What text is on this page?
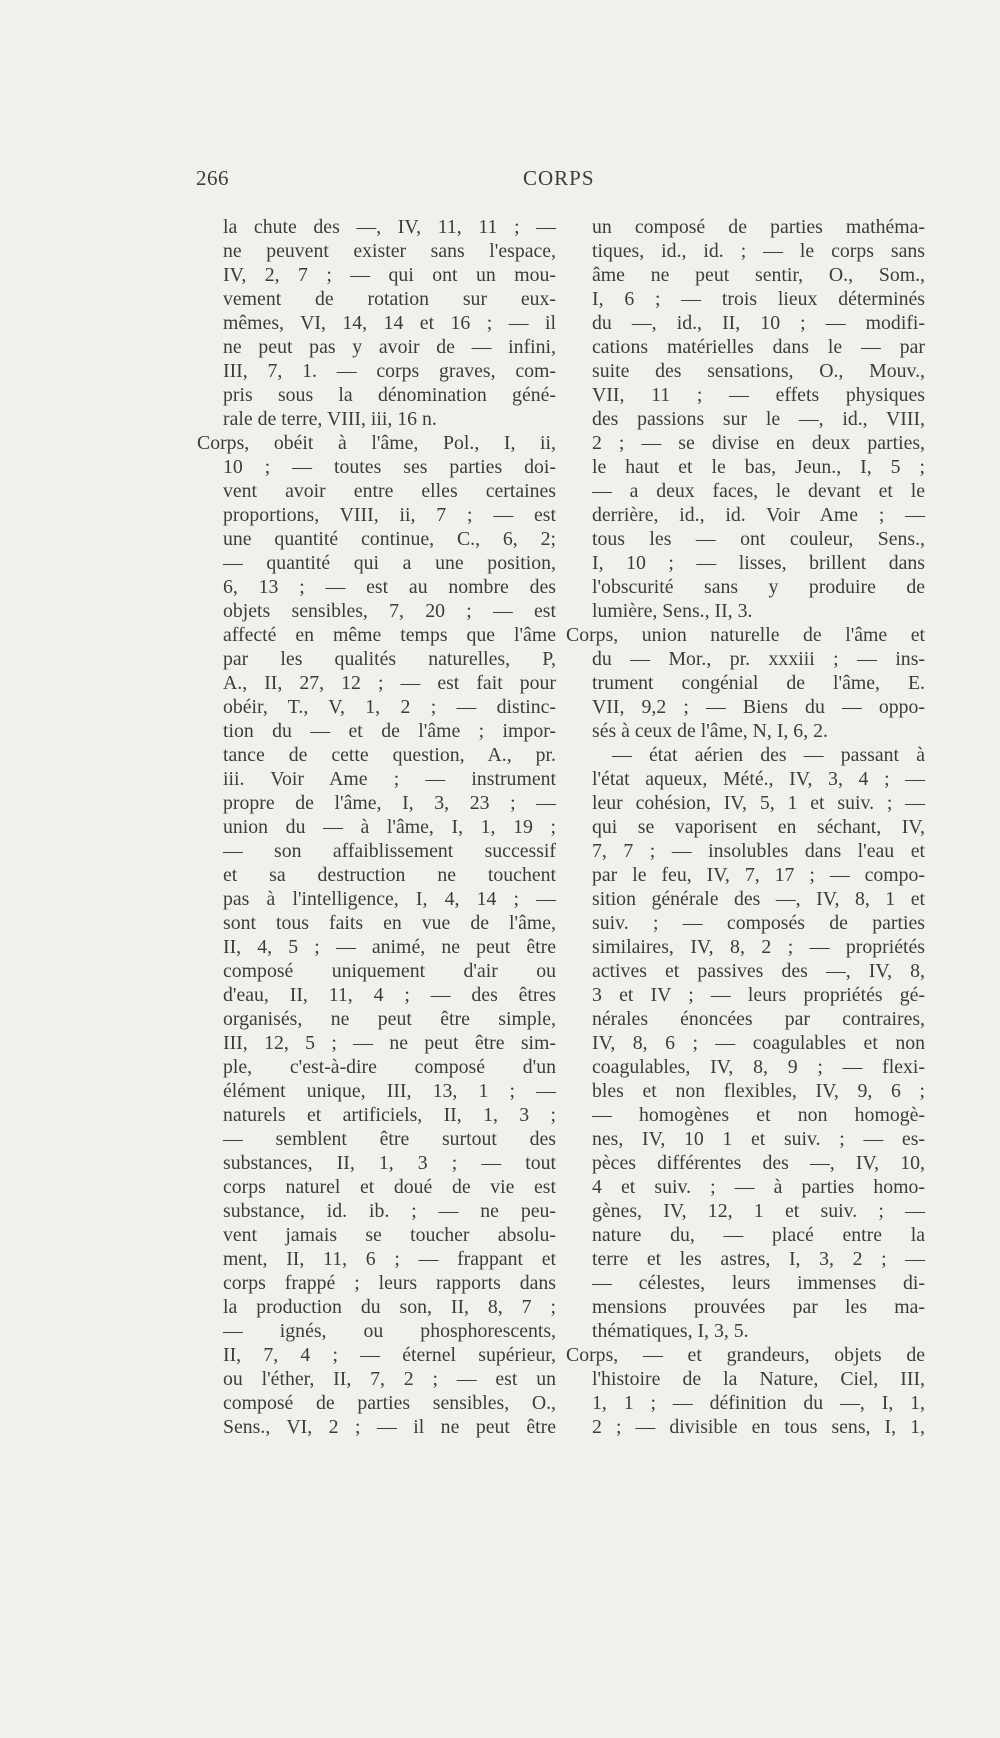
266	CORPS
la chute des —, IV, 11, 11 ; —
ne peuvent exister sans l'espace,
IV, 2, 7 ; — qui ont un mou-
vement de rotation sur eux-
mêmes, VI, 14, 14 et 16 ; — il
ne peut pas y avoir de — infini,
III, 7, 1. — corps graves, com-
pris sous la dénomination géné-
rale de terre, VIII, iii, 16 n.
Corps, obéit à l'âme, Pol., I, ii,
10 ; — toutes ses parties doi-
vent avoir entre elles certaines
proportions, VIII, ii, 7 ; — est
une quantité continue, C., 6, 2;
— quantité qui a une position,
6, 13 ; — est au nombre des
objets sensibles, 7, 20 ; — est
affecté en même temps que l'âme
par les qualités naturelles, P,
A., II, 27, 12 ; — est fait pour
obéir, T., V, 1, 2 ; — distinc-
tion du — et de l'âme ; impor-
tance de cette question, A., pr.
iii. Voir Ame ; — instrument
propre de l'âme, I, 3, 23 ; —
union du — à l'âme, I, 1, 19 ;
— son affaiblissement successif
et sa destruction ne touchent
pas à l'intelligence, I, 4, 14 ; —
sont tous faits en vue de l'âme,
II, 4, 5 ; — animé, ne peut être
composé uniquement d'air ou
d'eau, II, 11, 4 ; — des êtres
organisés, ne peut être simple,
III, 12, 5 ; — ne peut être sim-
ple, c'est-à-dire composé d'un
élément unique, III, 13, 1 ; —
naturels et artificiels, II, 1, 3 ;
— semblent être surtout des
substances, II, 1, 3 ; — tout
corps naturel et doué de vie est
substance, id. ib. ; — ne peu-
vent jamais se toucher absolu-
ment, II, 11, 6 ; — frappant et
corps frappé ; leurs rapports dans
la production du son, II, 8, 7 ;
— ignés, ou phosphorescents,
II, 7, 4 ; — éternel supérieur,
ou l'éther, II, 7, 2 ; — est un
composé de parties sensibles, O.,
Sens., VI, 2 ; — il ne peut être
un composé de parties mathéma-
tiques, id., id. ; — le corps sans
âme ne peut sentir, O., Som.,
I, 6 ; — trois lieux déterminés
du —, id., II, 10 ; — modifi-
cations matérielles dans le — par
suite des sensations, O., Mouv.,
VII, 11 ; — effets physiques
des passions sur le —, id., VIII,
2 ; — se divise en deux parties,
le haut et le bas, Jeun., I, 5 ;
— a deux faces, le devant et le
derrière, id., id. Voir Ame ; —
tous les — ont couleur, Sens.,
I, 10 ; — lisses, brillent dans
l'obscurité sans y produire de
lumière, Sens., II, 3.
Corps, union naturelle de l'âme et
du — Mor., pr. xxxiii ; — ins-
trument congénial de l'âme, E.
VII, 9,2 ; — Biens du — oppo-
sés à ceux de l'âme, N, I, 6, 2.
— état aérien des — passant à
l'état aqueux, Mété., IV, 3, 4 ; —
leur cohésion, IV, 5, 1 et suiv. ; —
qui se vaporisent en séchant, IV,
7, 7 ; — insolubles dans l'eau et
par le feu, IV, 7, 17 ; — compo-
sition générale des —, IV, 8, 1 et
suiv. ; — composés de parties
similaires, IV, 8, 2 ; — propriétés
actives et passives des —, IV, 8,
3 et IV ; — leurs propriétés gé-
nérales énoncées par contraires,
IV, 8, 6 ; — coagulables et non
coagulables, IV, 8, 9 ; — flexi-
bles et non flexibles, IV, 9, 6 ;
— homogènes et non homogè-
nes, IV, 10 1 et suiv. ; — es-
pèces différentes des —, IV, 10,
4 et suiv. ; — à parties homo-
gènes, IV, 12, 1 et suiv. ; —
nature du, — placé entre la
terre et les astres, I, 3, 2 ; —
— célestes, leurs immenses di-
mensions prouvées par les ma-
thématiques, I, 3, 5.
Corps, — et grandeurs, objets de
l'histoire de la Nature, Ciel, III,
1, 1 ; — définition du —, I, 1,
2 ; — divisible en tous sens, I, 1,
